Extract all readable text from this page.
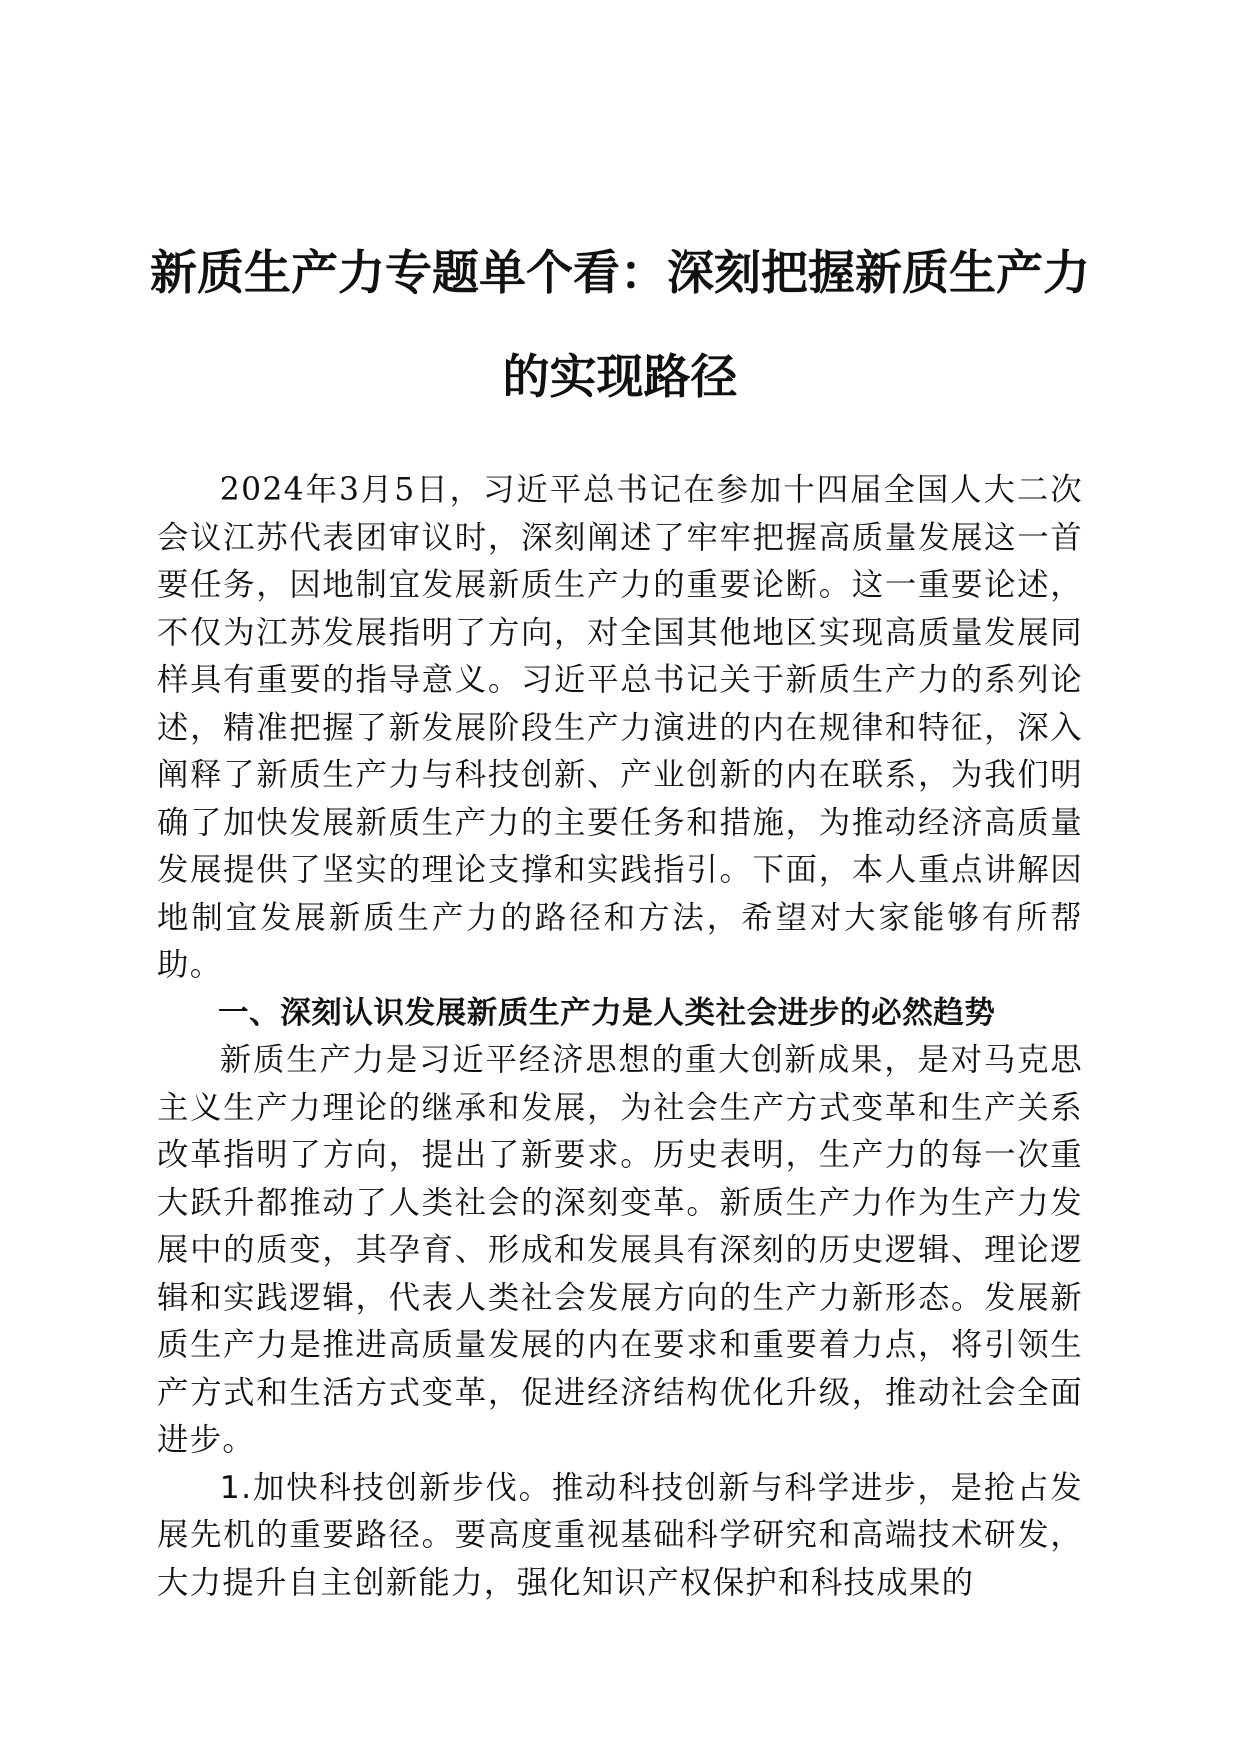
新质生产力专题单个看：深刻把握新质生产力的实现路径

2024年3月5日，习近平总书记在参加十四届全国人大二次会议江苏代表团审议时，深刻阐述了牢牢把握高质量发展这一首要任务，因地制宜发展新质生产力的重要论断。这一重要论述，不仅为江苏发展指明了方向，对全国其他地区实现高质量发展同样具有重要的指导意义。习近平总书记关于新质生产力的系列论述，精准把握了新发展阶段生产力演进的内在规律和特征，深入阐释了新质生产力与科技创新、产业创新的内在联系，为我们明确了加快发展新质生产力的主要任务和措施，为推动经济高质量发展提供了坚实的理论支撑和实践指引。下面，本人重点讲解因地制宜发展新质生产力的路径和方法，希望对大家能够有所帮助。

一、深刻认识发展新质生产力是人类社会进步的必然趋势

新质生产力是习近平经济思想的重大创新成果，是对马克思主义生产力理论的继承和发展，为社会生产方式变革和生产关系改革指明了方向，提出了新要求。历史表明，生产力的每一次重大跃升都推动了人类社会的深刻变革。新质生产力作为生产力发展中的质变，其孕育、形成和发展具有深刻的历史逻辑、理论逻辑和实践逻辑，代表人类社会发展方向的生产力新形态。发展新质生产力是推进高质量发展的内在要求和重要着力点，将引领生产方式和生活方式变革，促进经济结构优化升级，推动社会全面进步。

1.加快科技创新步伐。推动科技创新与科学进步，是抢占发展先机的重要路径。要高度重视基础科学研究和高端技术研发，大力提升自主创新能力，强化知识产权保护和科技成果的
